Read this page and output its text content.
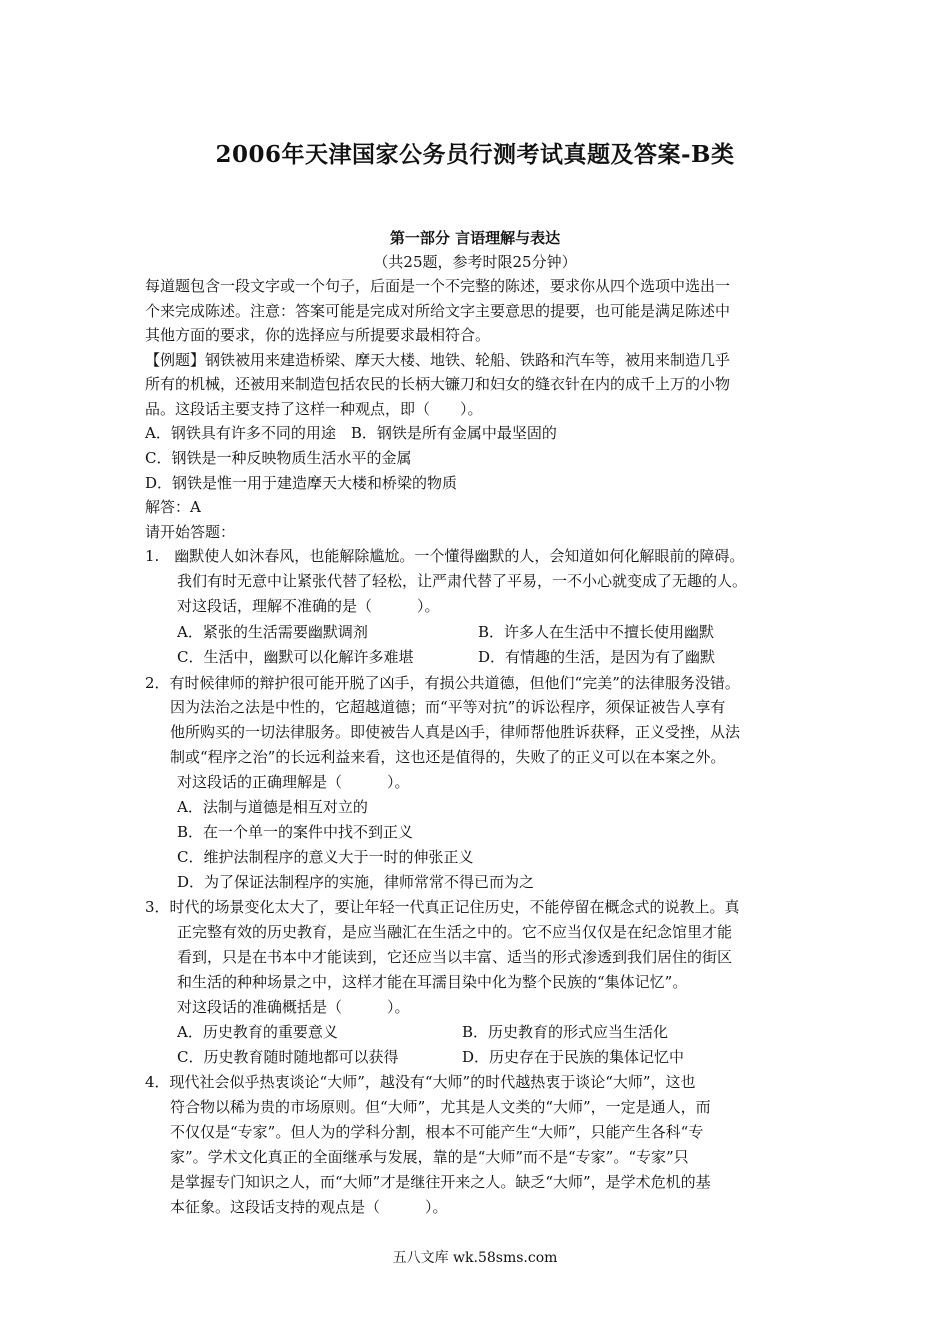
2006年天津国家公务员行测考试真题及答案-B类
第一部分 言语理解与表达
（共25题，参考时限25分钟）
每道题包含一段文字或一个句子，后面是一个不完整的陈述，要求你从四个选项中选出一
个来完成陈述。注意：答案可能是完成对所给文字主要意思的提要，也可能是满足陈述中
其他方面的要求，你的选择应与所提要求最相符合。
【例题】钢铁被用来建造桥梁、摩天大楼、地铁、轮船、铁路和汽车等，被用来制造几乎
所有的机械，还被用来制造包括农民的长柄大镰刀和妇女的缝衣针在内的成千上万的小物
品。这段话主要支持了这样一种观点，即（　　）。
A．钢铁具有许多不同的用途　B．钢铁是所有金属中最坚固的
C．钢铁是一种反映物质生活水平的金属
D．钢铁是惟一用于建造摩天大楼和桥梁的物质
解答：A
请开始答题：
1.　幽默使人如沐春风，也能解除尴尬。一个懂得幽默的人，会知道如何化解眼前的障碍。
我们有时无意中让紧张代替了轻松，让严肃代替了平易，一不小心就变成了无趣的人。
对这段话，理解不准确的是（　　　）。
A．紧张的生活需要幽默调剂	B．许多人在生活中不擅长使用幽默
C．生活中，幽默可以化解许多难堪	D．有情趣的生活，是因为有了幽默
2．有时候律师的辩护很可能开脱了凶手，有损公共道德，但他们“完美”的法律服务没错。
因为法治之法是中性的，它超越道德；而“平等对抗”的诉讼程序，须保证被告人享有
他所购买的一切法律服务。即使被告人真是凶手，律师帮他胜诉获释，正义受挫，从法
制或“程序之治”的长远利益来看，这也还是值得的，失败了的正义可以在本案之外。
对这段话的正确理解是（　　　）。
A．法制与道德是相互对立的
B．在一个单一的案件中找不到正义
C．维护法制程序的意义大于一时的伸张正义
D．为了保证法制程序的实施，律师常常不得已而为之
3．时代的场景变化太大了，要让年轻一代真正记住历史，不能停留在概念式的说教上。真
正完整有效的历史教育，是应当融汇在生活之中的。它不应当仅仅是在纪念馆里才能
看到，只是在书本中才能读到，它还应当以丰富、适当的形式渗透到我们居住的街区
和生活的种种场景之中，这样才能在耳濡目染中化为整个民族的“集体记忆”。
对这段话的准确概括是（　　　）。
A．历史教育的重要意义	B．历史教育的形式应当生活化
C．历史教育随时随地都可以获得	D．历史存在于民族的集体记忆中
4．现代社会似乎热衷谈论“大师”，越没有“大师”的时代越热衷于谈论“大师”，这也
符合物以稀为贵的市场原则。但“大师”，尤其是人文类的“大师”，一定是通人，而
不仅仅是“专家”。但人为的学科分割，根本不可能产生“大师”，只能产生各科“专
家”。学术文化真正的全面继承与发展，靠的是“大师”而不是“专家”。“专家”只
是掌握专门知识之人，而“大师”才是继往开来之人。缺乏“大师”，是学术危机的基
本征象。这段话支持的观点是（　　　）。
五八文库 wk.58sms.com
